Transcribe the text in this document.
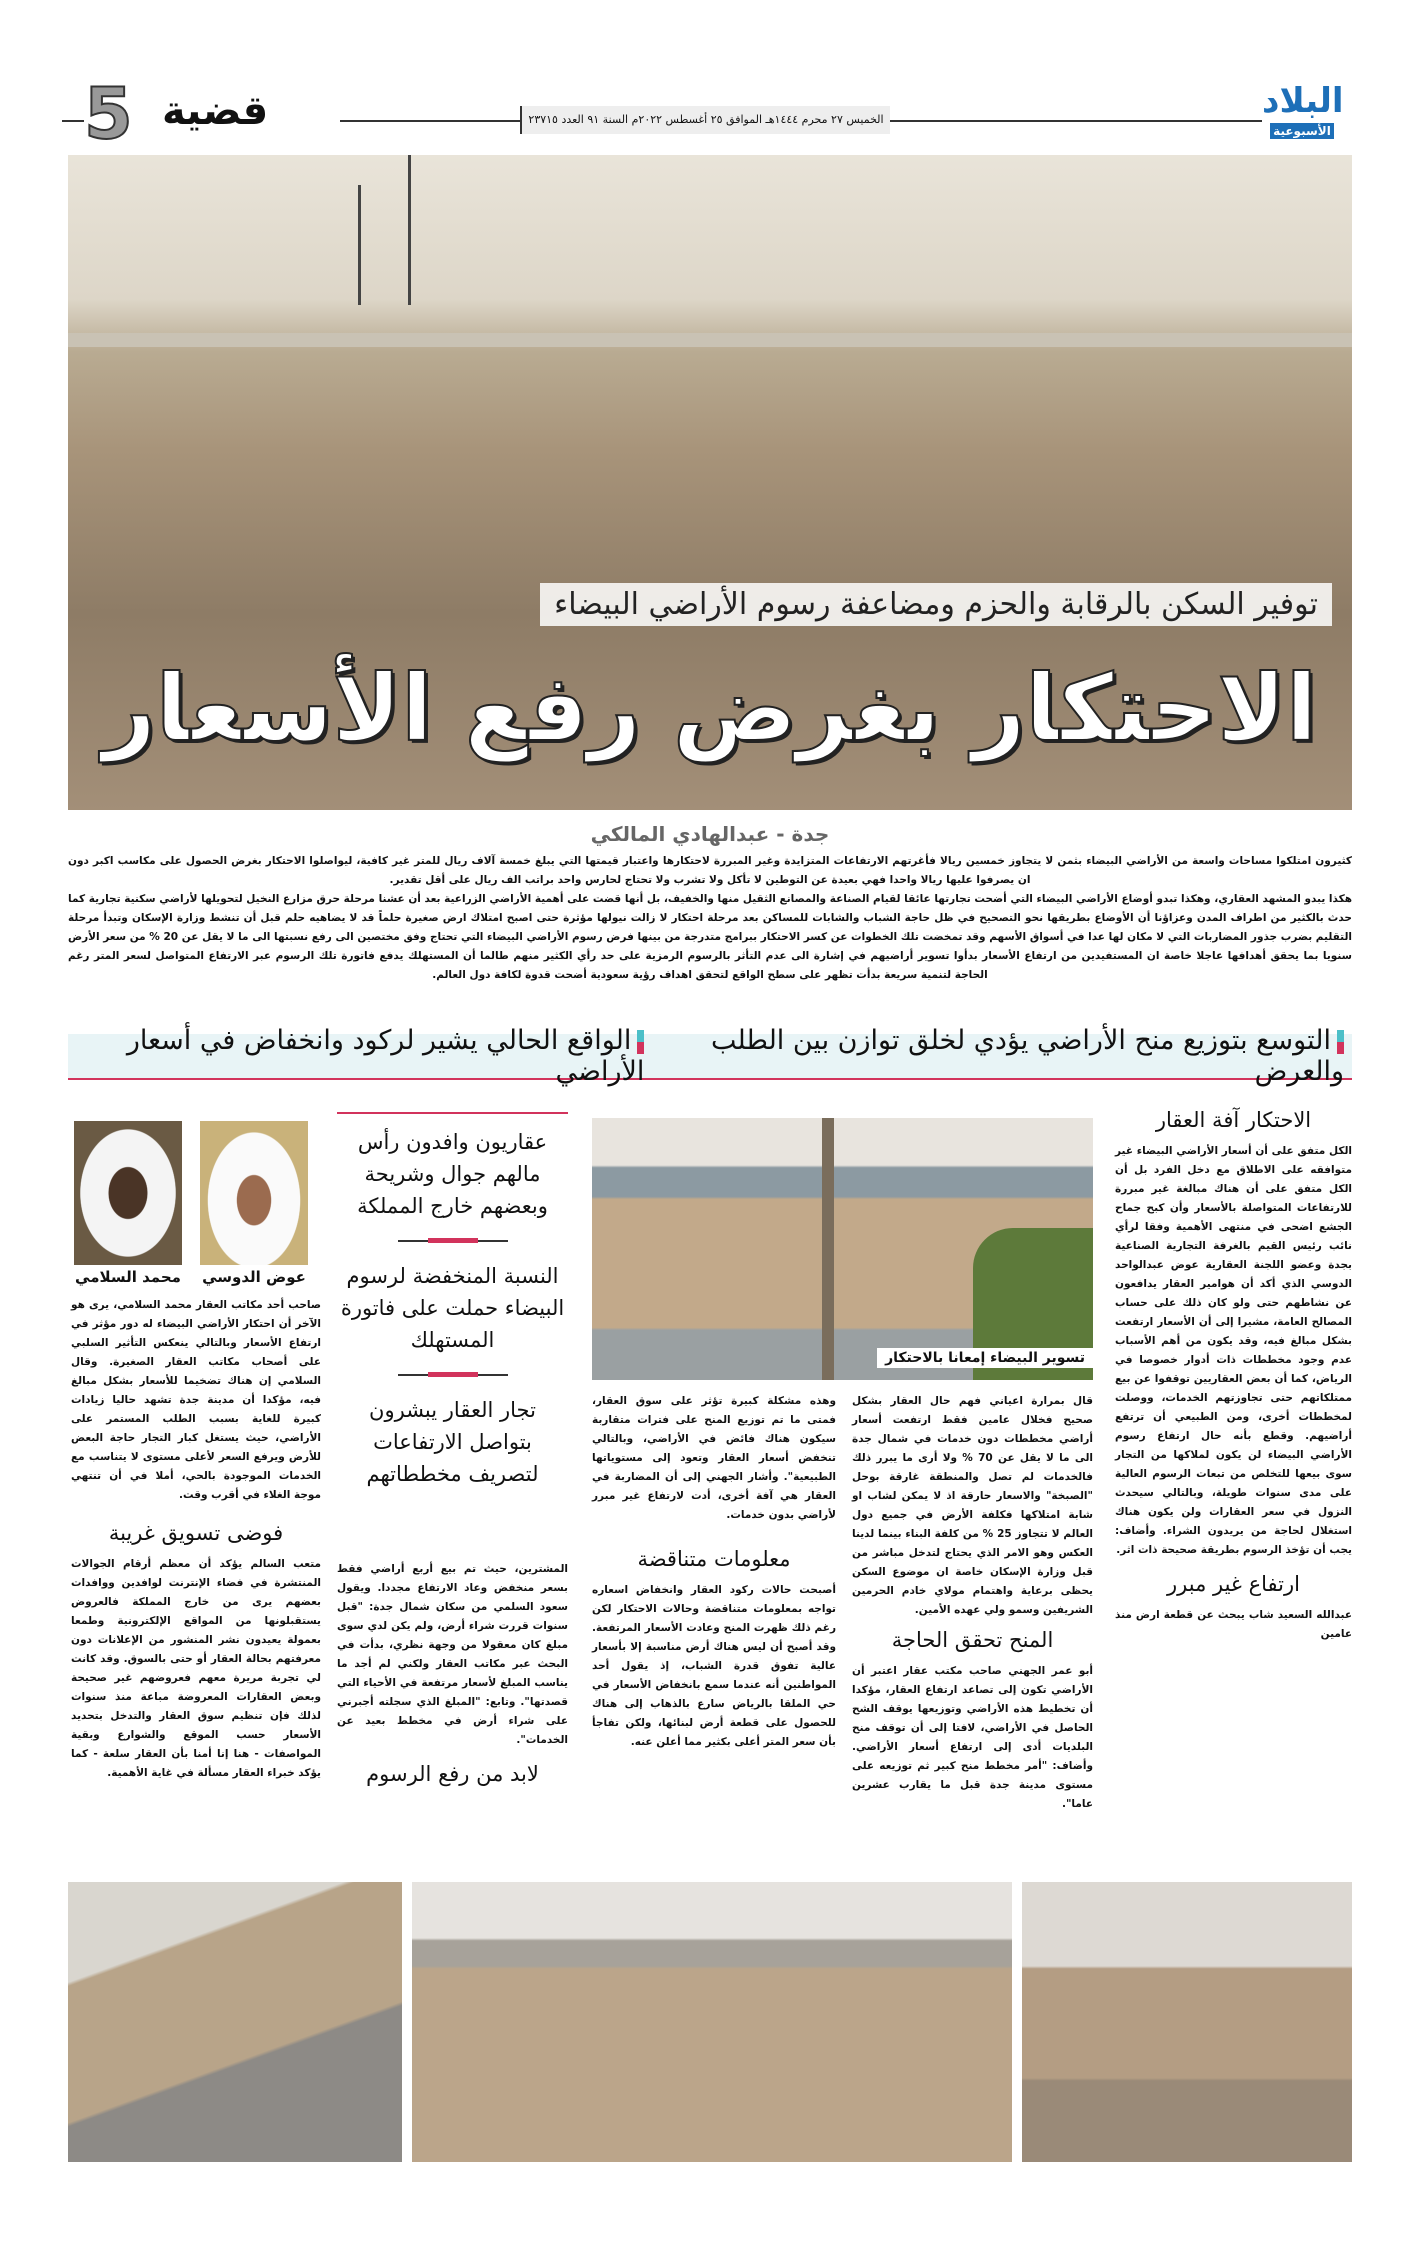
البلاد
الأسبوعية
5 قضية	الخميس ٢٧ محرم ١٤٤٤هـ الموافق ٢٥ أغسطس ٢٠٢٢م السنة ٩١ العدد ٢٣٧١٥
توفير السكن بالرقابة والحزم ومضاعفة رسوم الأراضي البيضاء
الاحتكار بغرض رفع الأسعار
جدة - عبدالهادي المالكي

كثيرون امتلكوا مساحات واسعة من الأراضي البيضاء بثمن لا يتجاوز خمسين ريالا فأغرتهم الارتفاعات المتزايدة وغير المبررة لاحتكارها واعتبار قيمتها التي يبلغ خمسة آلاف ريال للمتر غير كافية، ليواصلوا الاحتكار بغرض الحصول على مكاسب اكبر دون ان يصرفوا عليها ريالا واحدا فهي بعيدة عن التوطين لا تأكل ولا تشرب ولا تحتاج لحارس واحد براتب الف ريال على أقل تقدير.

هكذا يبدو المشهد العقاري، وهكذا تبدو أوضاع الأراضي البيضاء التي أضحت تجارتها عائقا لقيام الصناعة والمصانع الثقيل منها والخفيف، بل أنها قضت على أهمية الأراضي الزراعية بعد أن عشنا مرحلة حرق مزارع النخيل لتحويلها لأراضي سكنية تجارية كما حدث بالكثير من اطراف المدن وعزاؤنا أن الأوضاع بطريقها نحو التصحيح في ظل حاجة الشباب والشابات للمساكن بعد مرحلة احتكار لا زالت نيولها مؤثرة حتى اصبح امتلاك ارض صغيرة حلماً قد لا يضاهيه حلم قبل أن تنشط وزارة الإسكان وتبدأ مرحلة التقليم بضرب جذور المضاربات التي لا مكان لها عدا في أسواق الأسهم وقد تمخضت تلك الخطوات عن كسر الاحتكار ببرامج متدرجة من بينها فرض رسوم الأراضي البيضاء التي تحتاج وفق مختصين الى رفع نسبتها الى ما لا يقل عن 20 % من سعر الأرض سنويا بما يحقق أهدافها عاجلا خاصة ان المستفيدين من ارتفاع الأسعار بدأوا تسوير أراضيهم في إشارة الى عدم التأثر بالرسوم الرمزية على حد رأي الكثير منهم طالما أن المستهلك يدفع فاتورة تلك الرسوم عبر الارتفاع المتواصل لسعر المتر رغم الحاجة لتنمية سريعة بدأت تظهر على سطح الواقع لتحقق اهداف رؤية سعودية أضحت قدوة لكافة دول العالم.

التوسع بتوزيع منح الأراضي يؤدي لخلق توازن بين الطلب والعرض
الواقع الحالي يشير لركود وانخفاض في أسعار الأراضي
الاحتكار آفة العقار

الكل متفق على أن أسعار الأراضي البيضاء غير متوافقه على الاطلاق مع دخل الفرد بل أن الكل متفق على أن هناك مبالغة غير مبررة للارتفاعات المتواصلة بالأسعار وأن كبح جماح الجشع اضحى في منتهى الأهمية وفقا لرأي نائب رئيس القيم بالغرفة التجارية الصناعية بجدة وعضو اللجنة العقارية عوض عبدالواحد الدوسي الذي أكد أن هوامير العقار يدافعون عن نشاطهم حتى ولو كان ذلك على حساب المصالح العامة، مشيرا إلى أن الأسعار ارتفعت بشكل مبالغ فيه، وقد يكون من أهم الأسباب عدم وجود مخططات ذات أدوار خصوصا في الرياض، كما أن بعض العقاريين توقفوا عن بيع ممتلكاتهم حتى تجاوزتهم الخدمات، ووصلت لمخططات أخرى، ومن الطبيعي أن ترتفع أراضيهم. وقطع بأنه حال ارتفاع رسوم الأراضي البيضاء لن يكون لملاكها من التجار سوى بيعها للتخلص من تبعات الرسوم العالية على مدى سنوات طويلة، وبالتالي سيحدث النزول في سعر العقارات ولن يكون هناك استغلال لحاجة من يريدون الشراء. وأضاف: يجب أن تؤخذ الرسوم بطريقة صحيحة ذات اثر.

ارتفاع غير مبرر

عبدالله السعيد شاب يبحث عن قطعة ارض منذ عامين

تسوير البيضاء إمعانا بالاحتكار

قال بمرارة اعياني فهم حال العقار بشكل صحيح فخلال عامين فقط ارتفعت أسعار أراضي مخططات دون خدمات في شمال جدة الى ما لا يقل عن 70 % ولا أرى ما يبرر ذلك فالخدمات لم تصل والمنطقة غارقة بوحل "الصبخة" والاسعار حارقة اذ لا يمكن لشاب او شابة امتلاكها فكلفة الأرض في جميع دول العالم لا تتجاوز 25 % من كلفة البناء بينما لدينا العكس وهو الامر الذي يحتاج لتدخل مباشر من قبل وزارة الإسكان خاصة ان موضوع السكن يحظى برعاية واهتمام مولاي خادم الحرمين الشريفين وسمو ولي عهده الأمين.

المنح تحقق الحاجة

أبو عمر الجهني صاحب مكتب عقار اعتبر أن الأراضي تكون إلى تصاعد ارتفاع العقار، مؤكدا أن تخطيط هذه الأراضي وتوزيعها يوقف الشح الحاصل في الأراضي، لافتا إلى أن توقف منح البلديات أدى إلى ارتفاع أسعار الأراضي. وأضاف: "أمر مخطط منح كبير ثم توزيعه على مستوى مدينة جدة قبل ما يقارب عشرين عاما".

وهذه مشكلة كبيرة تؤثر على سوق العقار، فمتى ما تم توزيع المنح على فترات متقاربة سيكون هناك فائض في الأراضي، وبالتالي تنخفض أسعار العقار وتعود إلى مستوياتها الطبيعية". وأشار الجهني إلى أن المضاربة في العقار هي آفة أخرى، أدت لارتفاع غير مبرر لأراضي بدون خدمات.

معلومات متناقضة

أصبحت حالات ركود العقار وانخفاض اسعاره تواجه بمعلومات متناقضة وحالات الاحتكار لكن رغم ذلك ظهرت المنح وعادت الأسعار المرتفعة. وقد أصبح أن ليس هناك أرض مناسبة إلا بأسعار عالية تفوق قدرة الشباب، إذ يقول أحد المواطنين أنه عندما سمع بانخفاض الأسعار في حي الملقا بالرياض سارع بالذهاب إلى هناك للحصول على قطعة أرض لبنائها، ولكن تفاجأ بأن سعر المتر أعلى بكثير مما أعلن عنه.

عقاريون وافدون رأس مالهم جوال وشريحة وبعضهم خارج المملكة
النسبة المنخفضة لرسوم البيضاء حملت على فاتورة المستهلك
تجار العقار يبشرون بتواصل الارتفاعات لتصريف مخططاتهم

المشترين، حيث تم بيع أربع أراضي فقط بسعر منخفض وعاد الارتفاع مجددا. ويقول سعود السلمي من سكان شمال جدة: "قبل سنوات قررت شراء أرض، ولم يكن لدي سوى مبلغ كان معقولا من وجهة نظري، بدأت في البحث عبر مكاتب العقار ولكني لم أجد ما يناسب المبلغ لأسعار مرتفعة في الأحياء التي قصدتها". وتابع: "المبلغ الذي سجلته أجبرني على شراء أرض في مخطط بعيد عن الخدمات".

لابد من رفع الرسوم
عوض الدوسي
محمد السلامي

صاحب أحد مكاتب العقار محمد السلامي، يرى هو الآخر أن احتكار الأراضي البيضاء له دور مؤثر في ارتفاع الأسعار وبالتالي ينعكس التأثير السلبي على أصحاب مكاتب العقار الصغيرة. وقال السلامي إن هناك تضخيما للأسعار بشكل مبالغ فيه، مؤكدا أن مدينة جدة تشهد حاليا زيادات كبيرة للغاية بسبب الطلب المستمر على الأراضي، حيث يستغل كبار التجار حاجة البعض للأرض ويرفع السعر لأعلى مستوى لا يتناسب مع الخدمات الموجودة بالحي، أملا في أن تنتهي موجة الغلاء في أقرب وقت.

فوضى تسويق غريبة

متعب السالم يؤكد أن معظم أرقام الجوالات المنتشرة في فضاء الإنترنت لوافدين ووافدات بعضهم يرى من خارج المملكة فالعروض يستقبلونها من المواقع الإلكترونية وطمعا بعمولة يعيدون نشر المنشور من الإعلانات دون معرفتهم بحالة العقار أو حتى بالسوق. وقد كانت لي تجربة مريرة معهم فعروضهم غير صحيحة وبعض العقارات المعروضة مباعة منذ سنوات لذلك فإن تنظيم سوق العقار والتدخل بتحديد الأسعار حسب الموقع والشوارع وبقية المواصفات - هنا إنا أمنا بأن العقار سلعة - كما يؤكد خبراء العقار مسألة في غاية الأهمية.
